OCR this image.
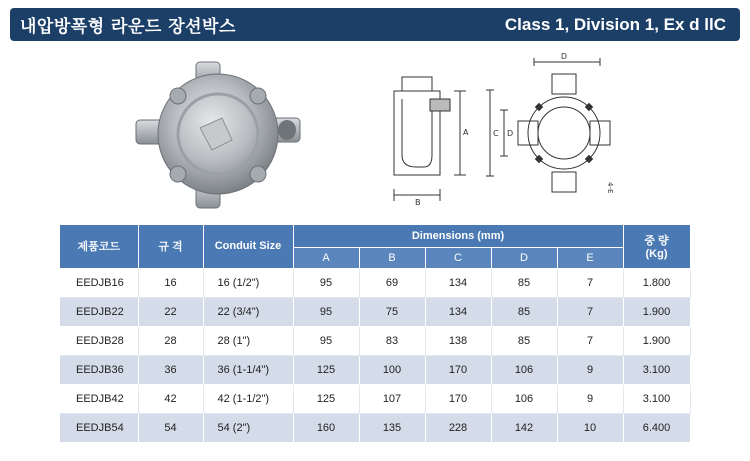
내압방폭형 라운드 장션박스	Class 1, Division 1, Ex d llC
B
A
D
C D
4-E
제품코드	규 격	Conduit Size	Dimensions (mm)					중 량
(Kg)
			A	B	C	D	E	
EEDJB16	16	16 (1/2")	95	69	134	85	7	1.800
EEDJB22	22	22 (3/4")	95	75	134	85	7	1.900
EEDJB28	28	28 (1")	95	83	138	85	7	1.900
EEDJB36	36	36 (1-1/4")	125	100	170	106	9	3.100
EEDJB42	42	42 (1-1/2")	125	107	170	106	9	3.100
EEDJB54	54	54 (2")	160	135	228	142	10	6.400
